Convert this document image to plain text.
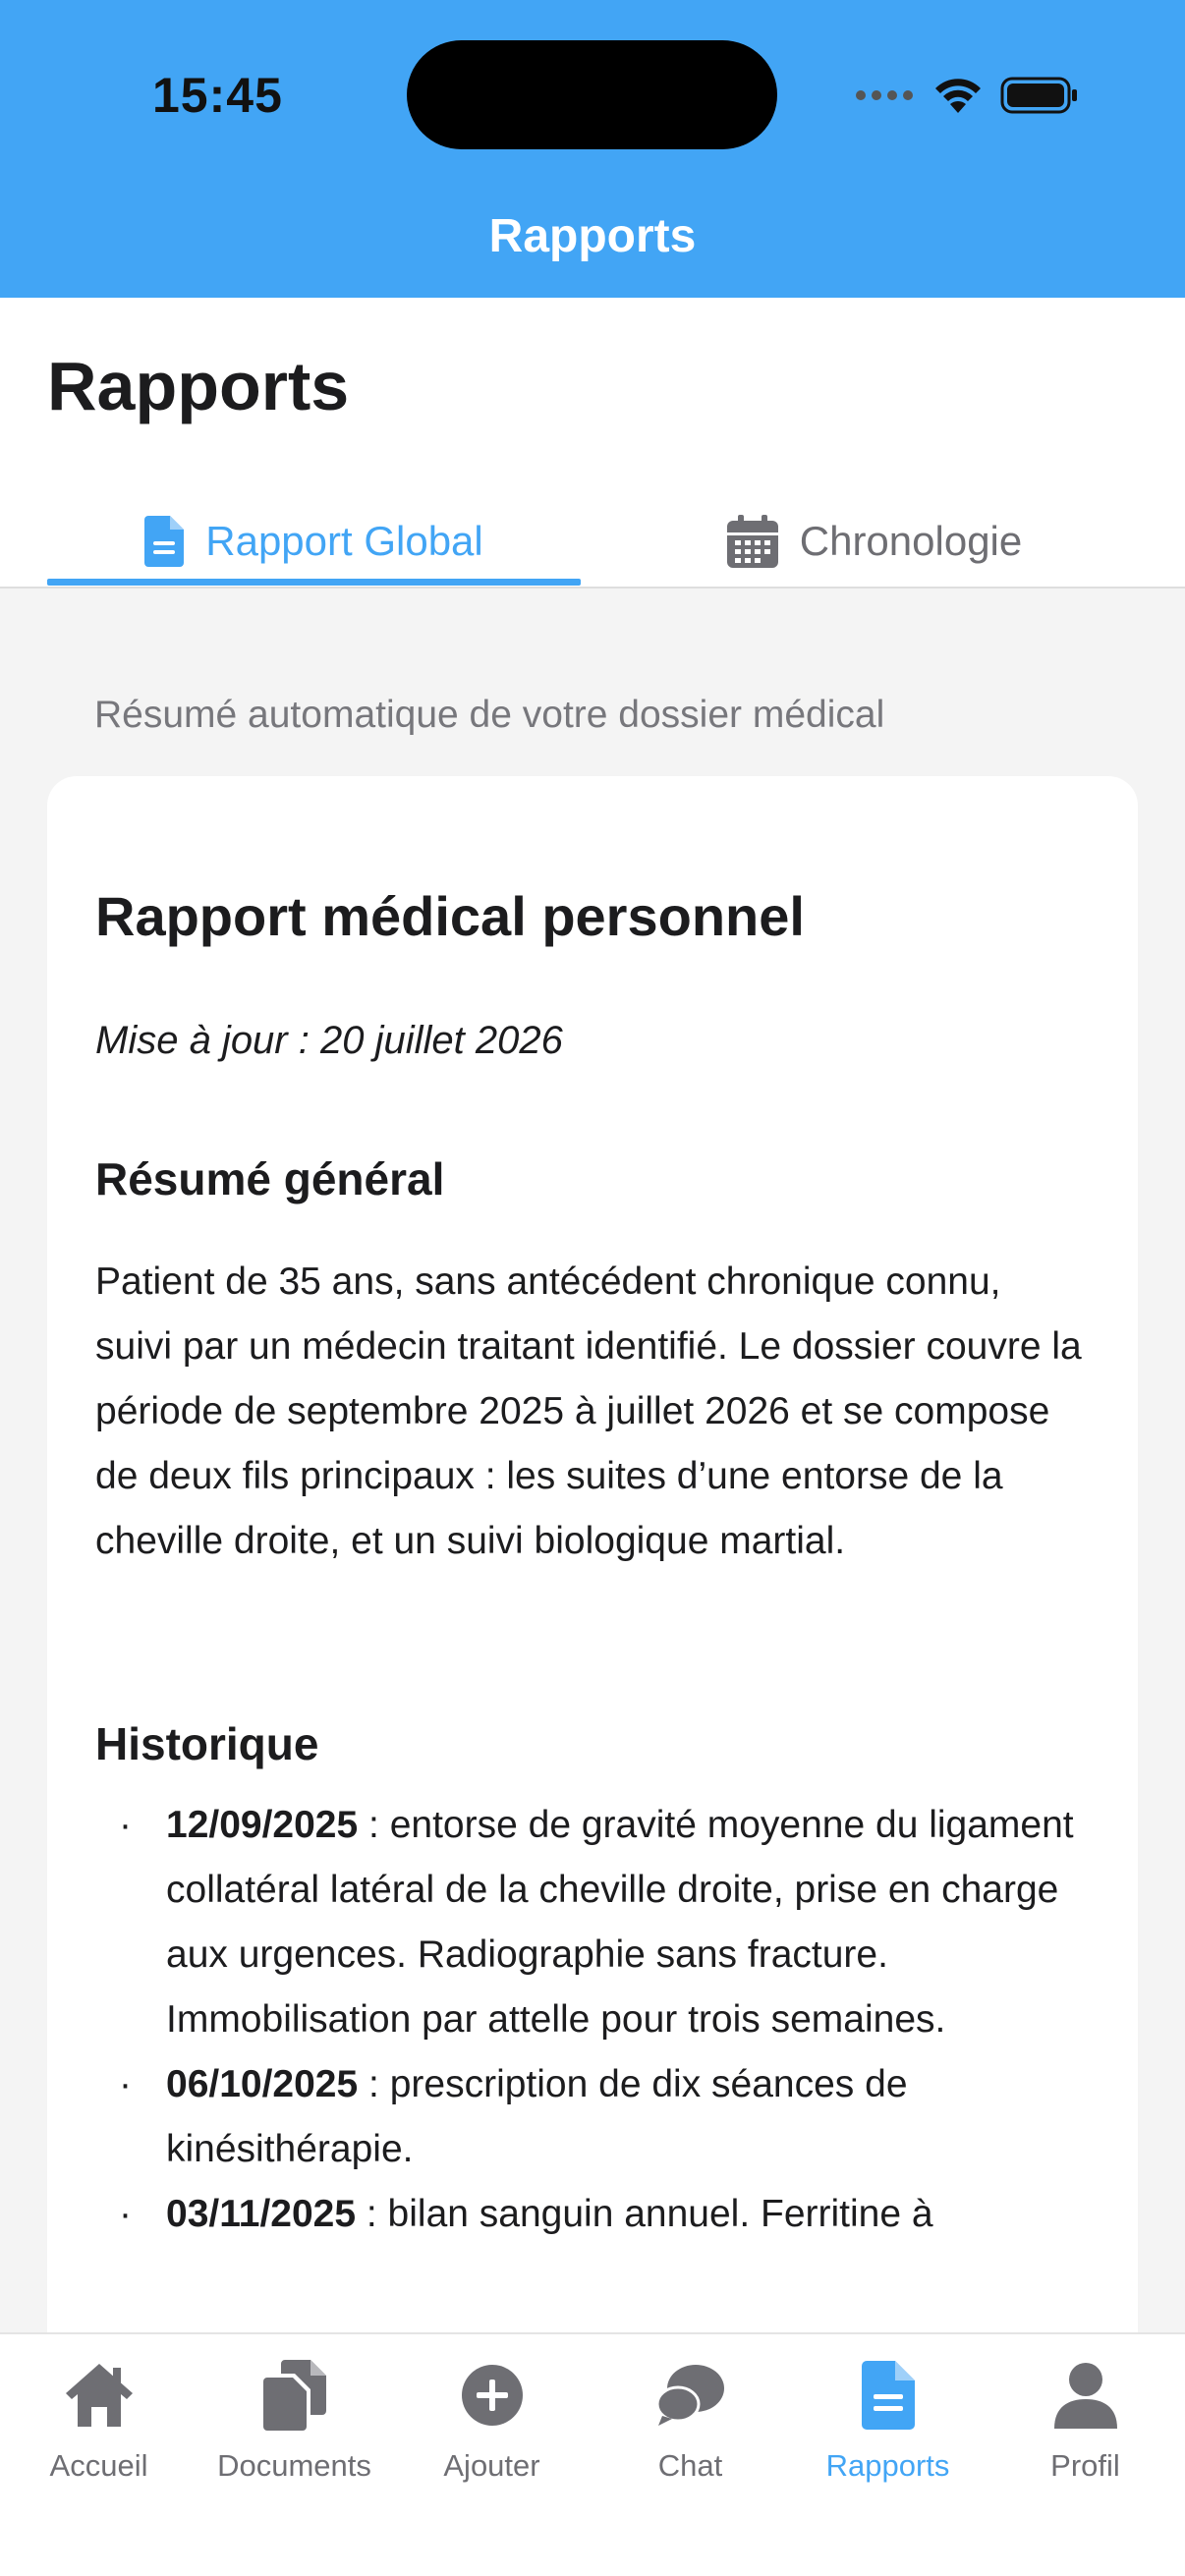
15:45
Rapports
Rapports
Rapport Global	Chronologie
Résumé automatique de votre dossier médical
Rapport médical personnel
Mise à jour : 20 juillet 2026
Résumé général

Patient de 35 ans, sans antécédent chronique connu, suivi par un médecin traitant identifié. Le dossier couvre la période de septembre 2025 à juillet 2026 et se compose de deux fils principaux : les suites d’une entorse de la cheville droite, et un suivi biologique martial.

Historique
· 12/09/2025 : entorse de gravité moyenne du ligament collatéral latéral de la cheville droite, prise en charge aux urgences. Radiographie sans fracture. Immobilisation par attelle pour trois semaines.
· 06/10/2025 : prescription de dix séances de kinésithérapie.
· 03/11/2025 : bilan sanguin annuel. Ferritine à
Accueil Documents Ajouter	Chat	Rapports	Profil
